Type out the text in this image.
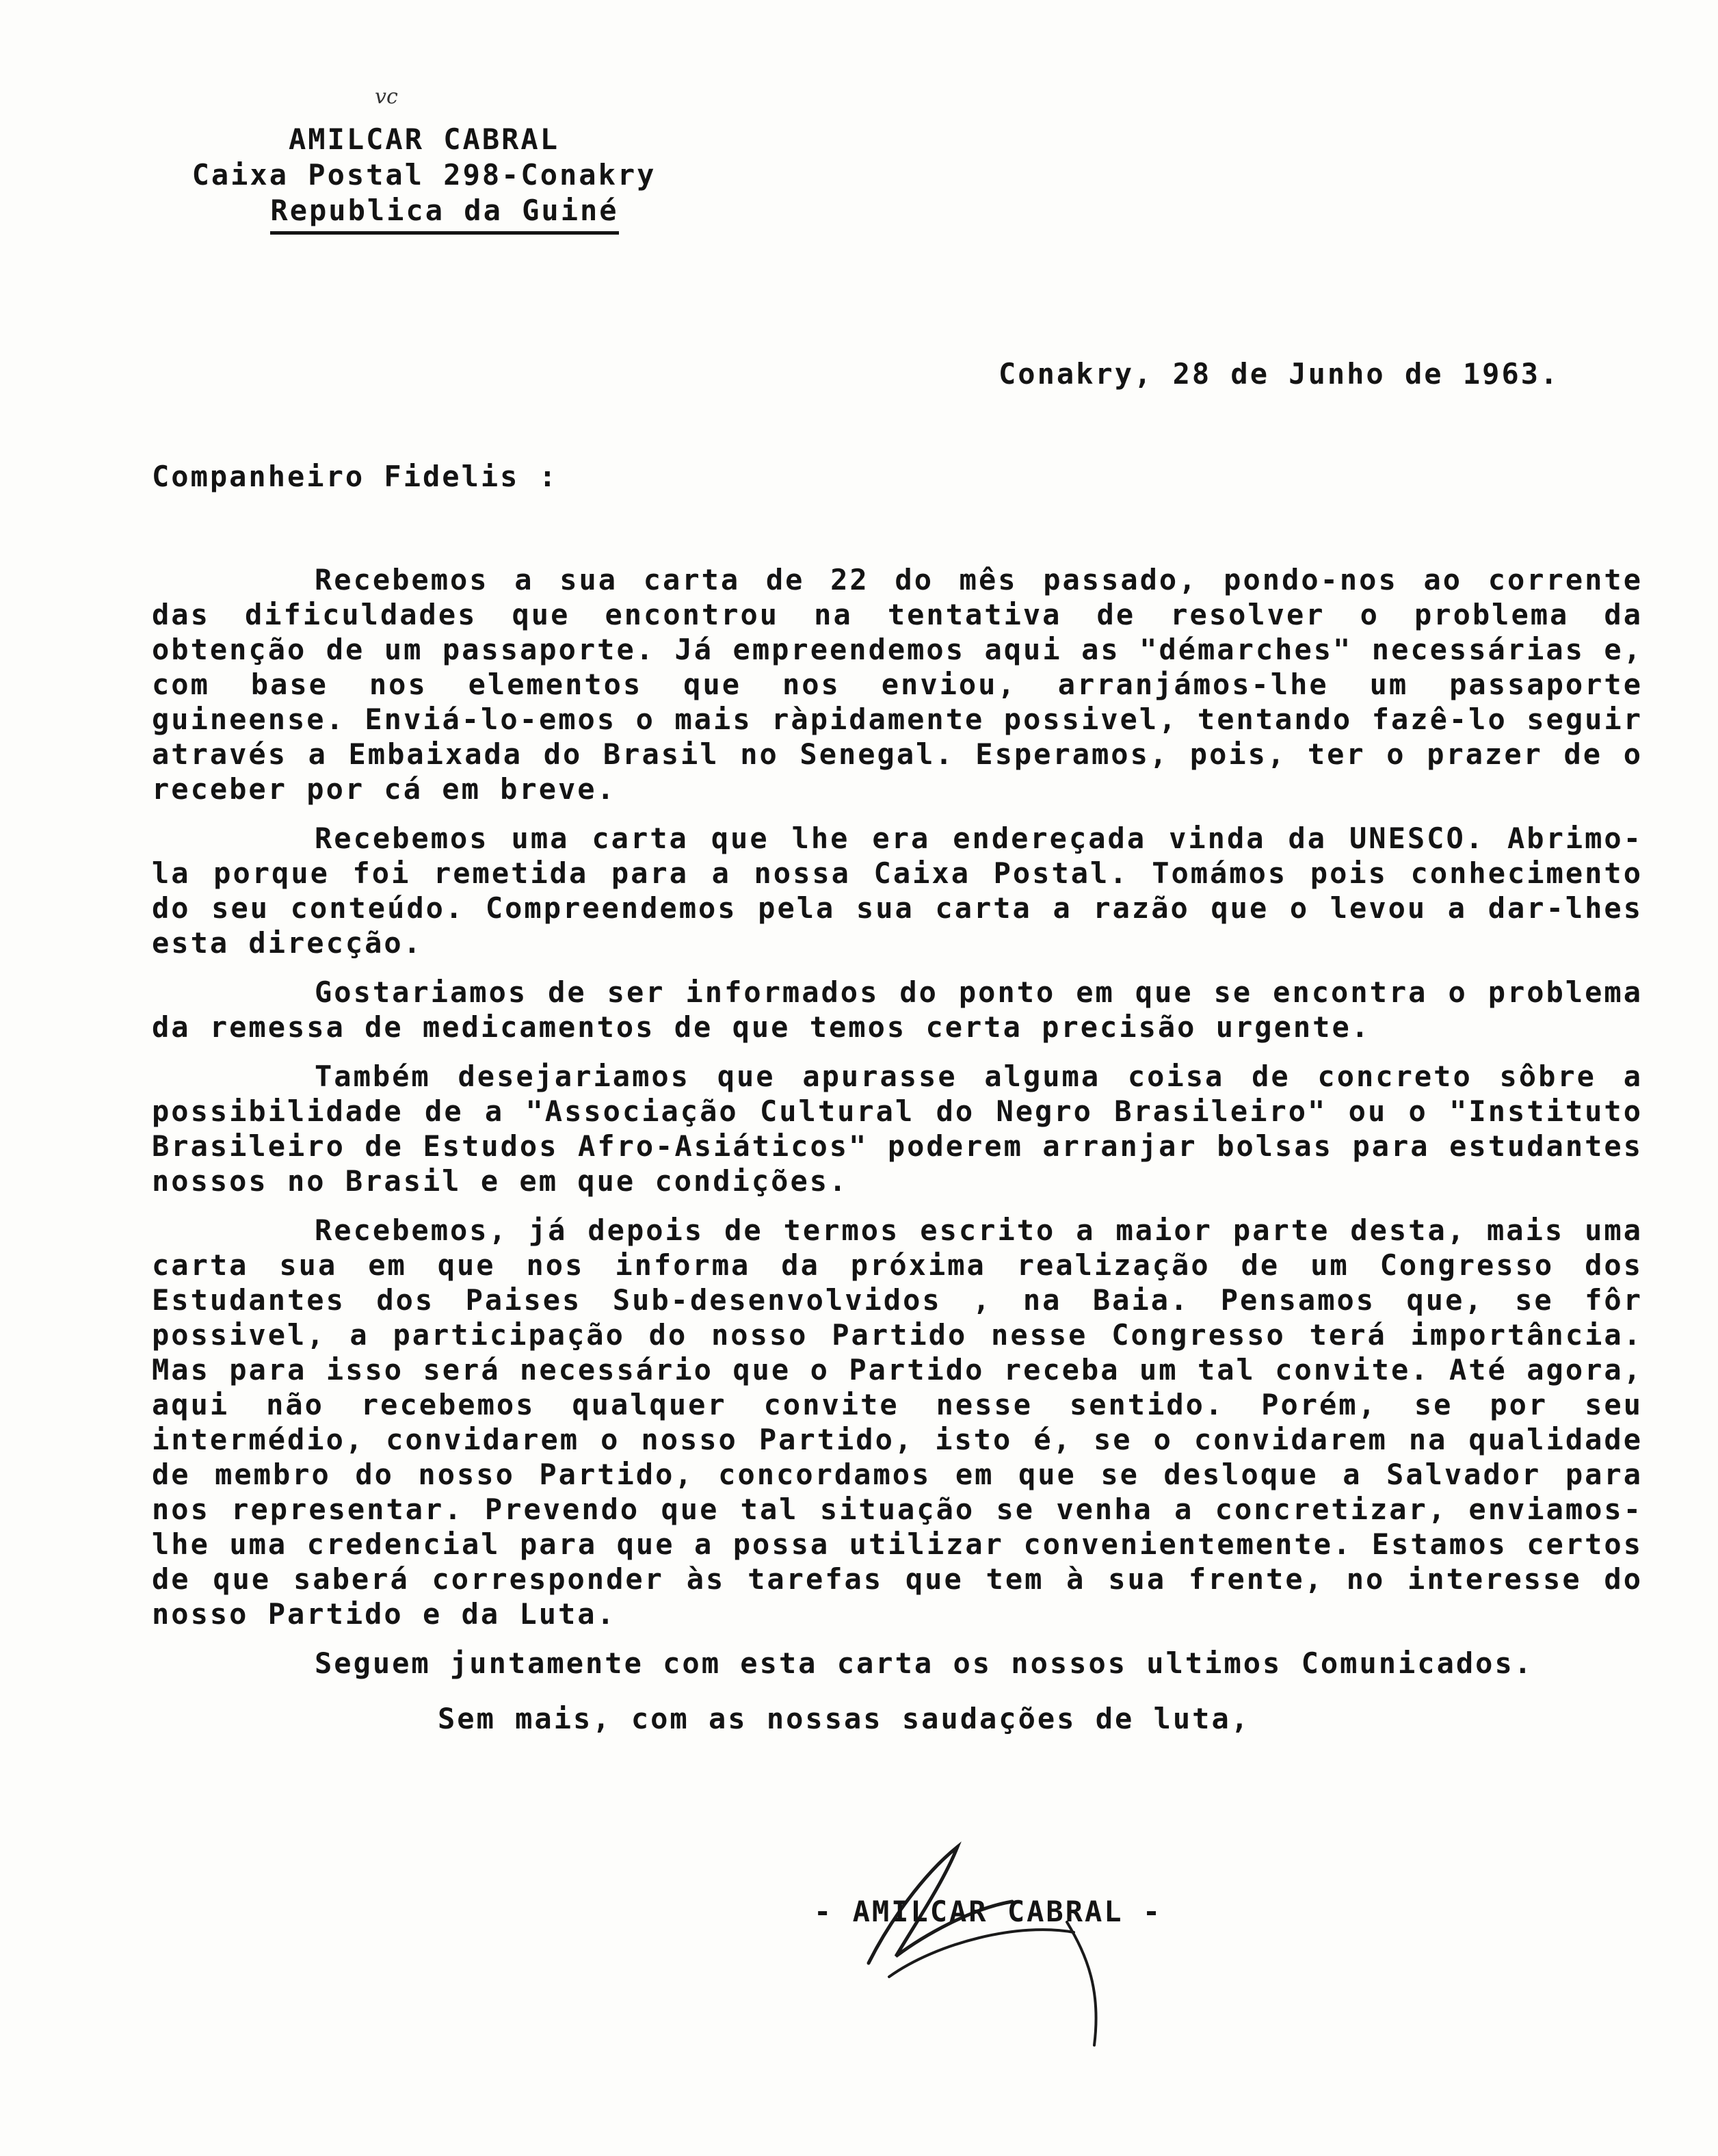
vc
AMILCAR CABRAL
Caixa Postal 298-Conakry
Republica da Guiné
Conakry, 28 de Junho de 1963.
Companheiro Fidelis :

Recebemos a sua carta de 22 do mês passado, pondo-nos ao corrente das dificuldades que encontrou na tentativa de resolver o problema da obtenção de um passaporte. Já empreendemos aqui as "démarches" necessárias e, com base nos elementos que nos enviou, arranjámos-lhe um passaporte guineense. Enviá-lo-emos o mais ràpidamente possivel, tentando fazê-lo seguir através a Embaixada do Brasil no Senegal. Esperamos, pois, ter o prazer de o receber por cá em breve.

Recebemos uma carta que lhe era endereçada vinda da UNESCO. Abrimo-la porque foi remetida para a nossa Caixa Postal. Tomámos pois conhecimento do seu conteúdo. Compreendemos pela sua carta a razão que o levou a dar-lhes esta direcção.

Gostariamos de ser informados do ponto em que se encontra o problema da remessa de medicamentos de que temos certa precisão urgente.

Também desejariamos que apurasse alguma coisa de concreto sôbre a possibilidade de a "Associação Cultural do Negro Brasileiro" ou o "Instituto Brasileiro de Estudos Afro-Asiáticos" poderem arranjar bolsas para estudantes nossos no Brasil e em que condições.

Recebemos, já depois de termos escrito a maior parte desta, mais uma carta sua em que nos informa da próxima realização de um Congresso dos Estudantes dos Paises Sub-desenvolvidos , na Baia. Pensamos que, se fôr possivel, a participação do nosso Partido nesse Congresso terá importância. Mas para isso será necessário que o Partido receba um tal convite. Até agora, aqui não recebemos qualquer convite nesse sentido. Porém, se por seu intermédio, convidarem o nosso Partido, isto é, se o convidarem na qualidade de membro do nosso Partido, concordamos em que se desloque a Salvador para nos representar. Prevendo que tal situação se venha a concretizar, enviamos-lhe uma credencial para que a possa utilizar convenientemente. Estamos certos de que saberá corresponder às tarefas que tem à sua frente, no interesse do nosso Partido e da Luta.

Seguem juntamente com esta carta os nossos ultimos Comunicados.

Sem mais, com as nossas saudações de luta,
- AMILCAR CABRAL -
